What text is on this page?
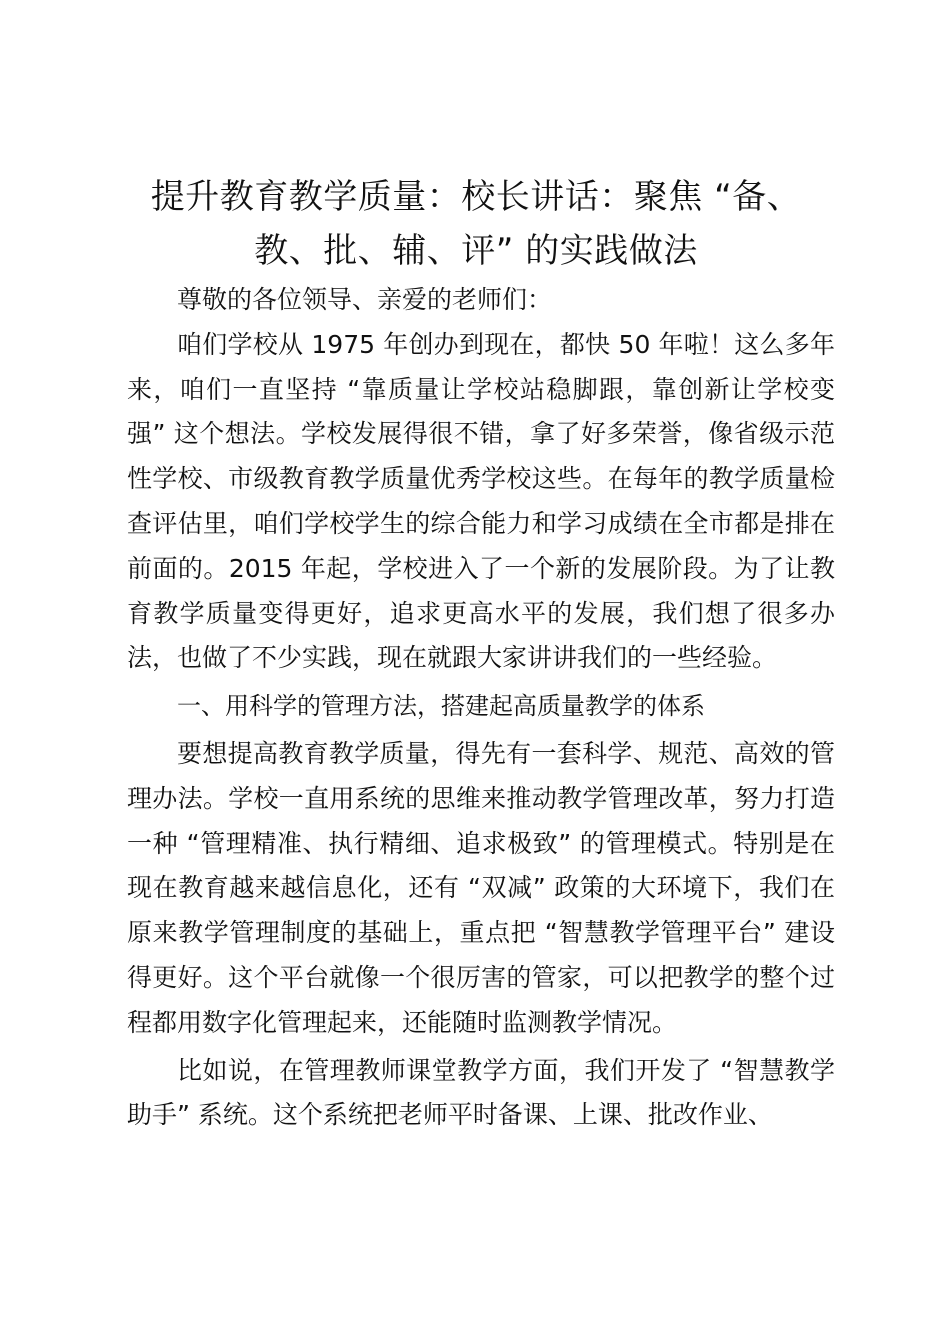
提升教育教学质量：校长讲话：聚焦 “备、教、批、辅、评” 的实践做法

尊敬的各位领导、亲爱的老师们：

咱们学校从 1975 年创办到现在，都快 50 年啦！这么多年来，咱们一直坚持 “靠质量让学校站稳脚跟，靠创新让学校变强” 这个想法。学校发展得很不错，拿了好多荣誉，像省级示范性学校、市级教育教学质量优秀学校这些。在每年的教学质量检查评估里，咱们学校学生的综合能力和学习成绩在全市都是排在前面的。2015 年起，学校进入了一个新的发展阶段。为了让教育教学质量变得更好，追求更高水平的发展，我们想了很多办法，也做了不少实践，现在就跟大家讲讲我们的一些经验。

一、用科学的管理方法，搭建起高质量教学的体系

要想提高教育教学质量，得先有一套科学、规范、高效的管理办法。学校一直用系统的思维来推动教学管理改革，努力打造一种 “管理精准、执行精细、追求极致” 的管理模式。特别是在现在教育越来越信息化，还有 “双减” 政策的大环境下，我们在原来教学管理制度的基础上，重点把 “智慧教学管理平台” 建设得更好。这个平台就像一个很厉害的管家，可以把教学的整个过程都用数字化管理起来，还能随时监测教学情况。

比如说，在管理教师课堂教学方面，我们开发了 “智慧教学助手” 系统。这个系统把老师平时备课、上课、批改作业、
